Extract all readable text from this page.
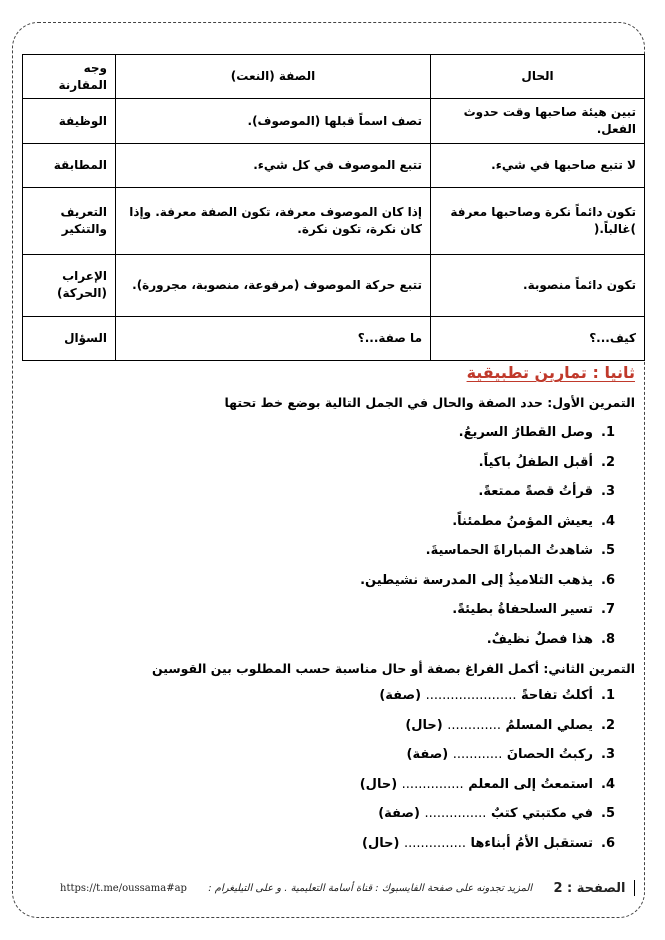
الحال	الصفة (النعت)	وجه المقارنة
تبين هيئة صاحبها وقت حدوث الفعل.	تصف اسماً قبلها (الموصوف).	الوظيفة
لا تتبع صاحبها في شيء.	تتبع الموصوف في كل شيء.	المطابقة
تكون دائماً نكرة وصاحبها معرفة )غالباً.(	إذا كان الموصوف معرفة، تكون الصفة معرفة. وإذا كان نكرة، تكون نكرة.	التعريف والتنكير
تكون دائماً منصوبة.	تتبع حركة الموصوف (مرفوعة، منصوبة، مجرورة).	الإعراب (الحركة)
كيف...؟	ما صفة...؟	السؤال
ثانيا : تمارين تطبيقية
التمرين الأول: حدد الصفة والحال في الجمل التالية بوضع خط تحتها
1.وصل القطارُ السريعُ.
2.أقبل الطفلُ باكياً.
3.قرأتُ قصةً ممتعةً.
4.يعيش المؤمنُ مطمئناً.
5.شاهدتُ المباراةَ الحماسيةَ.
6.يذهب التلاميذُ إلى المدرسة نشيطين.
7.تسير السلحفاةُ بطيئةً.
8.هذا فصلٌ نظيفٌ.
التمرين الثاني: أكمل الفراغ بصفة أو حال مناسبة حسب المطلوب بين القوسين
1.أكلتُ تفاحةً ...................... (صفة)
2.يصلي المسلمُ ............. (حال)
3.ركبتُ الحصانَ ............ (صفة)
4.استمعتُ إلى المعلم ............... (حال)
5.في مكتبتي كتبٌ ............... (صفة)
6.تستقبل الأمُ أبناءها ............... (حال)
https://t.me/oussama#ap المزيد تجدونه على صفحة الفايسبوك : قناة أسامة التعليمية . و على التيليغرام : الصفحة : 2
